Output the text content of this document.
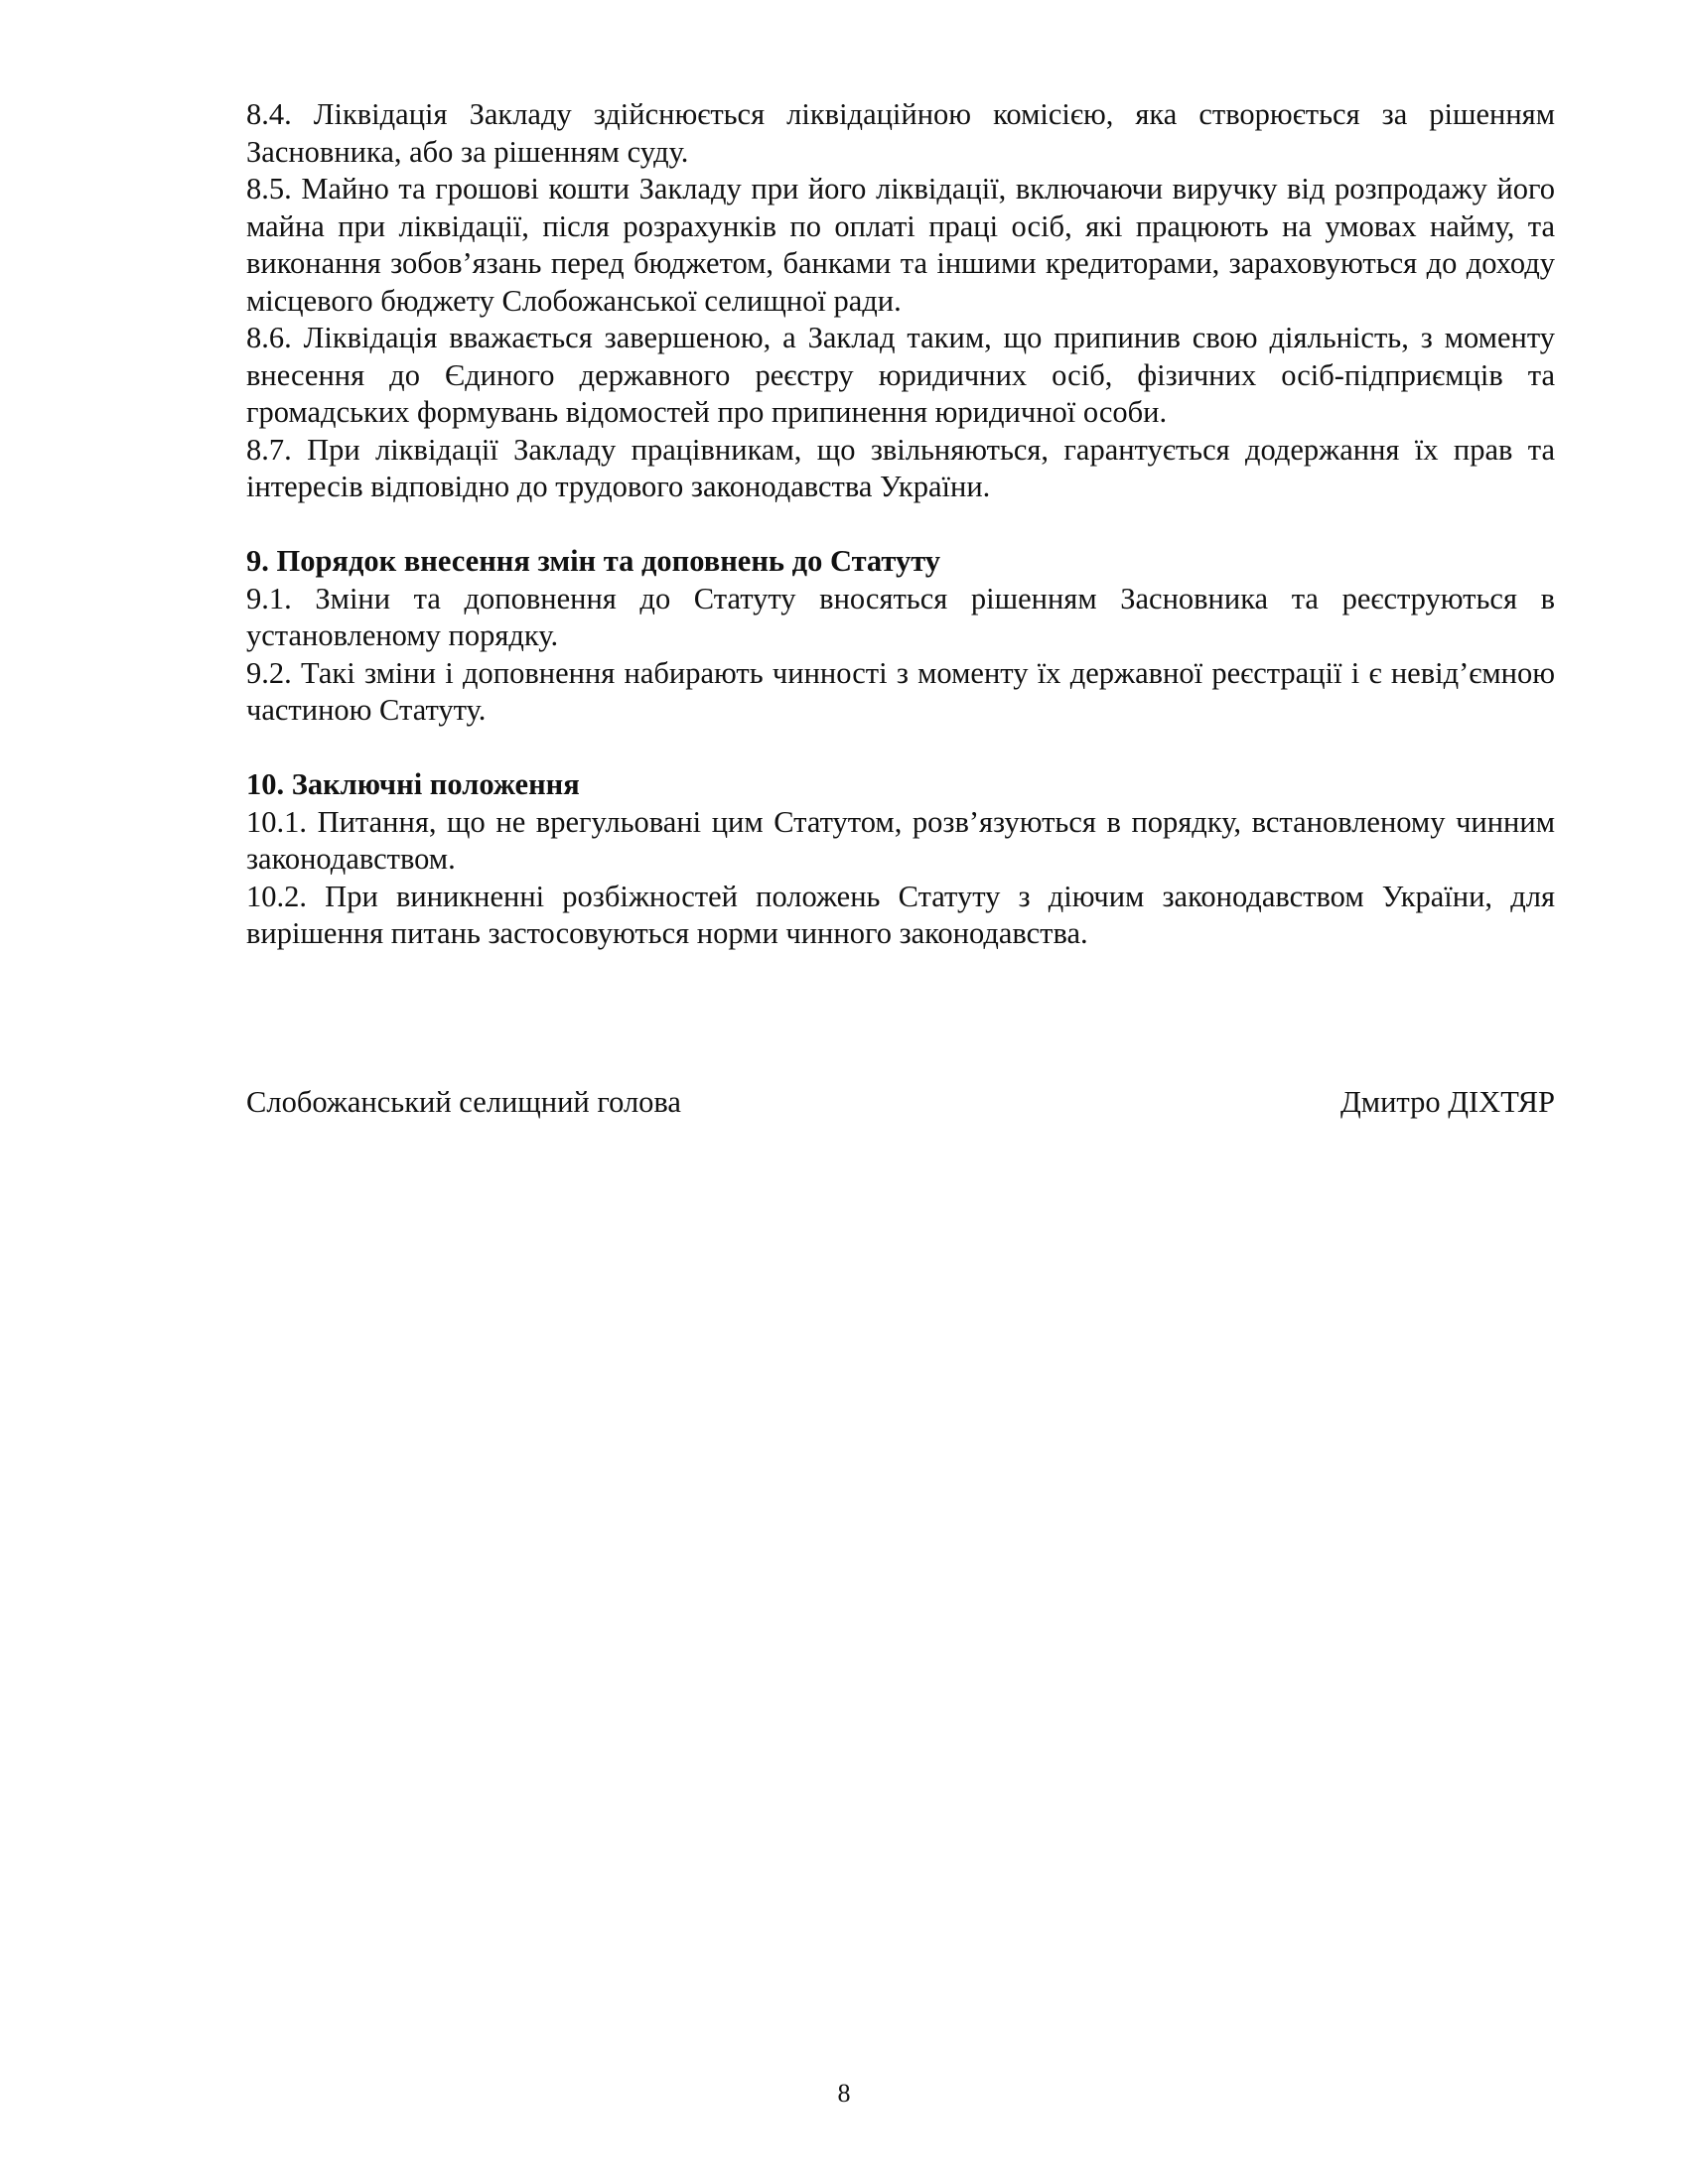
8.4. Ліквідація Закладу здійснюється ліквідаційною комісією, яка створюється за рішенням Засновника, або за рішенням суду.

8.5. Майно та грошові кошти Закладу при його ліквідації, включаючи виручку від розпродажу його майна при ліквідації, після розрахунків по оплаті праці осіб, які працюють на умовах найму, та виконання зобов’язань перед бюджетом, банками та іншими кредиторами, зараховуються до доходу місцевого бюджету Слобожанської селищної ради.

8.6. Ліквідація вважається завершеною, а Заклад таким, що припинив свою діяльність, з моменту внесення до Єдиного державного реєстру юридичних осіб, фізичних осіб-підприємців та громадських формувань відомостей про припинення юридичної особи.

8.7. При ліквідації Закладу працівникам, що звільняються, гарантується додержання їх прав та інтересів відповідно до трудового законодавства України.

9. Порядок внесення змін та доповнень до Статуту

9.1. Зміни та доповнення до Статуту вносяться рішенням Засновника та реєструються в установленому порядку.

9.2. Такі зміни і доповнення набирають чинності з моменту їх державної реєстрації і є невід’ємною частиною Статуту.

10. Заключні положення

10.1. Питання, що не врегульовані цим Статутом, розв’язуються в порядку, встановленому чинним законодавством.

10.2. При виникненні розбіжностей положень Статуту з діючим законодавством України, для вирішення питань застосовуються норми чинного законодавства.

Слобожанський селищний голова	Дмитро ДІХТЯР
8
